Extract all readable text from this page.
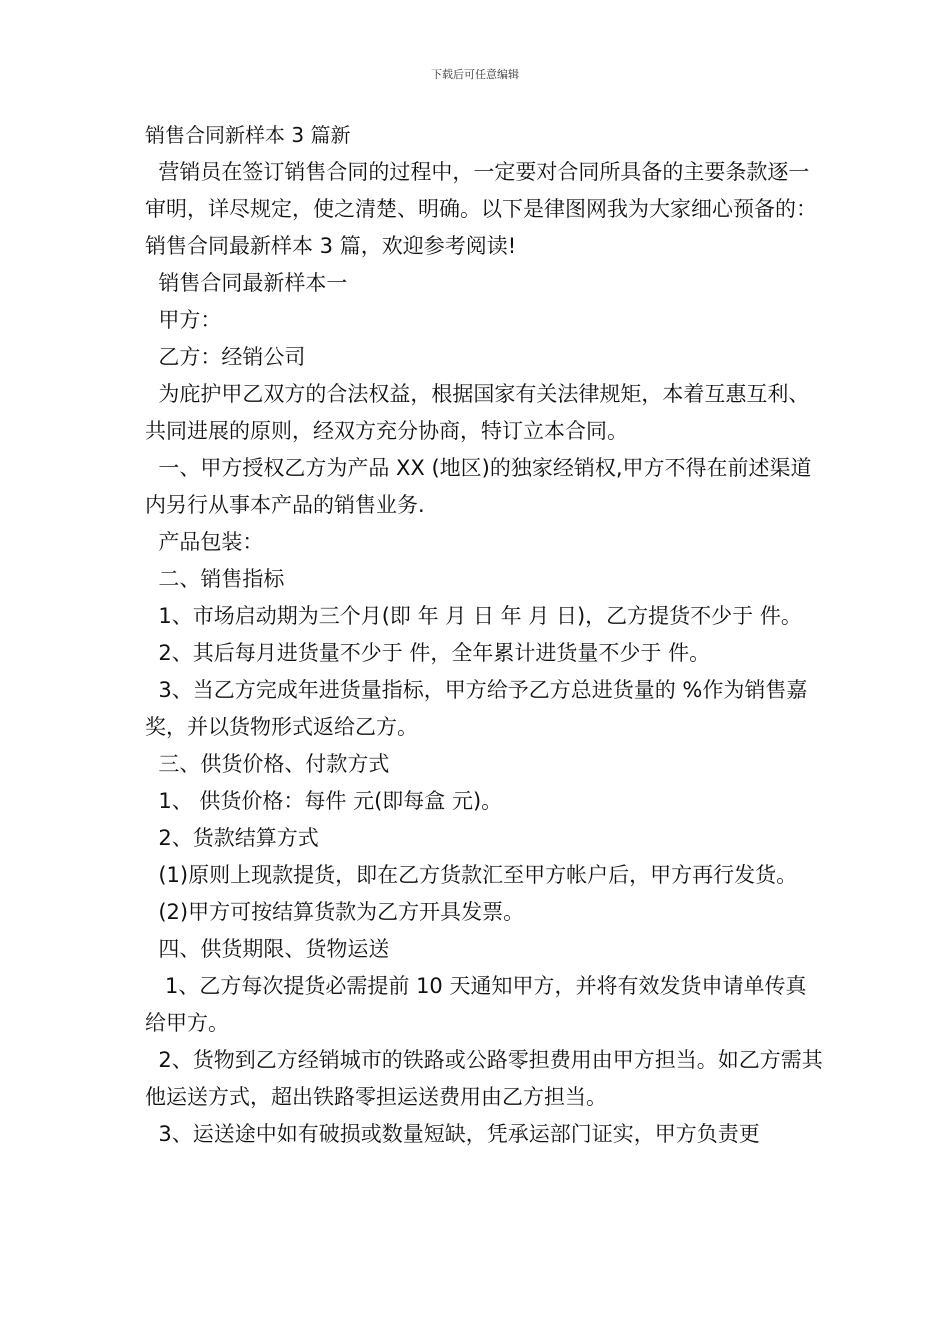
下载后可任意编辑

销售合同新样本 3 篇新

营销员在签订销售合同的过程中，一定要对合同所具备的主要条款逐一审明，详尽规定，使之清楚、明确。以下是律图网我为大家细心预备的：销售合同最新样本 3 篇，欢迎参考阅读!

销售合同最新样本一

甲方：

乙方：经销公司

为庇护甲乙双方的合法权益，根据国家有关法律规矩，本着互惠互利、共同进展的原则，经双方充分协商，特订立本合同。

一、甲方授权乙方为产品 XX (地区)的独家经销权,甲方不得在前述渠道内另行从事本产品的销售业务.

产品包装：

二、销售指标

1、市场启动期为三个月(即 年 月 日 年 月 日)，乙方提货不少于 件。

2、其后每月进货量不少于 件，全年累计进货量不少于 件。

3、当乙方完成年进货量指标，甲方给予乙方总进货量的 %作为销售嘉奖，并以货物形式返给乙方。

三、供货价格、付款方式

1、 供货价格：每件 元(即每盒 元)。

2、货款结算方式

(1)原则上现款提货，即在乙方货款汇至甲方帐户后，甲方再行发货。

(2)甲方可按结算货款为乙方开具发票。

四、供货期限、货物运送

1、乙方每次提货必需提前 10 天通知甲方，并将有效发货申请单传真给甲方。

2、货物到乙方经销城市的铁路或公路零担费用由甲方担当。如乙方需其他运送方式，超出铁路零担运送费用由乙方担当。

3、运送途中如有破损或数量短缺，凭承运部门证实，甲方负责更
